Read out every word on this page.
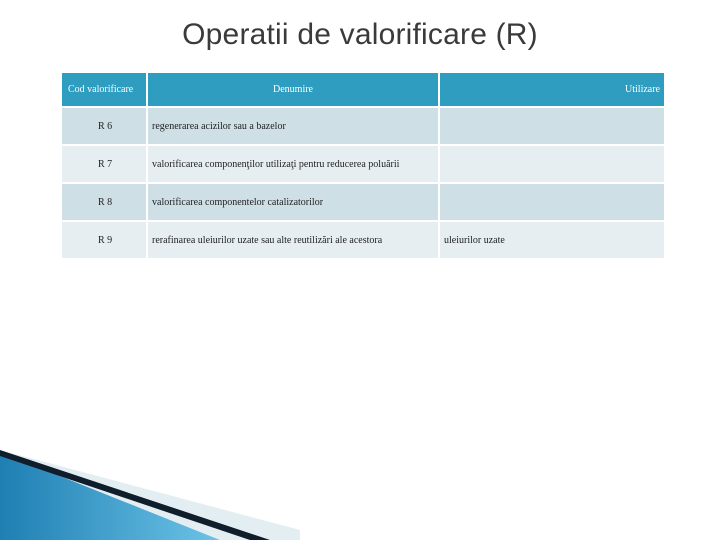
Operatii de valorificare (R)
Cod valorificare	Denumire	Utilizare
R 6	regenerarea acizilor sau a bazelor	
R 7	valorificarea componenţilor utilizaţi pentru reducerea poluării	
R 8	valorificarea componentelor catalizatorilor	
R 9	rerafinarea uleiurilor uzate sau alte reutilizări ale acestora	uleiurilor uzate
